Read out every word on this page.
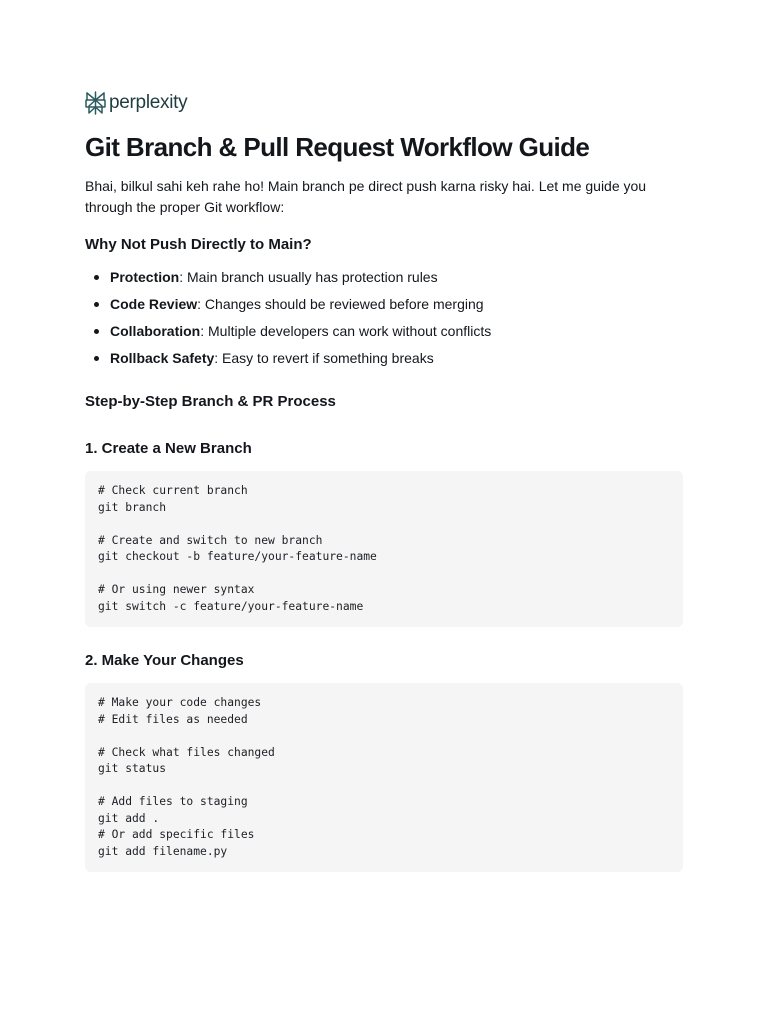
perplexity
Git Branch & Pull Request Workflow Guide

Bhai, bilkul sahi keh rahe ho! Main branch pe direct push karna risky hai. Let me guide you through the proper Git workflow:

Why Not Push Directly to Main?
Protection: Main branch usually has protection rules
Code Review: Changes should be reviewed before merging
Collaboration: Multiple developers can work without conflicts
Rollback Safety: Easy to revert if something breaks
Step-by-Step Branch & PR Process
1. Create a New Branch
# Check current branch
git branch

# Create and switch to new branch
git checkout -b feature/your-feature-name

# Or using newer syntax
git switch -c feature/your-feature-name
2. Make Your Changes
# Make your code changes
# Edit files as needed

# Check what files changed
git status

# Add files to staging
git add .
# Or add specific files
git add filename.py
